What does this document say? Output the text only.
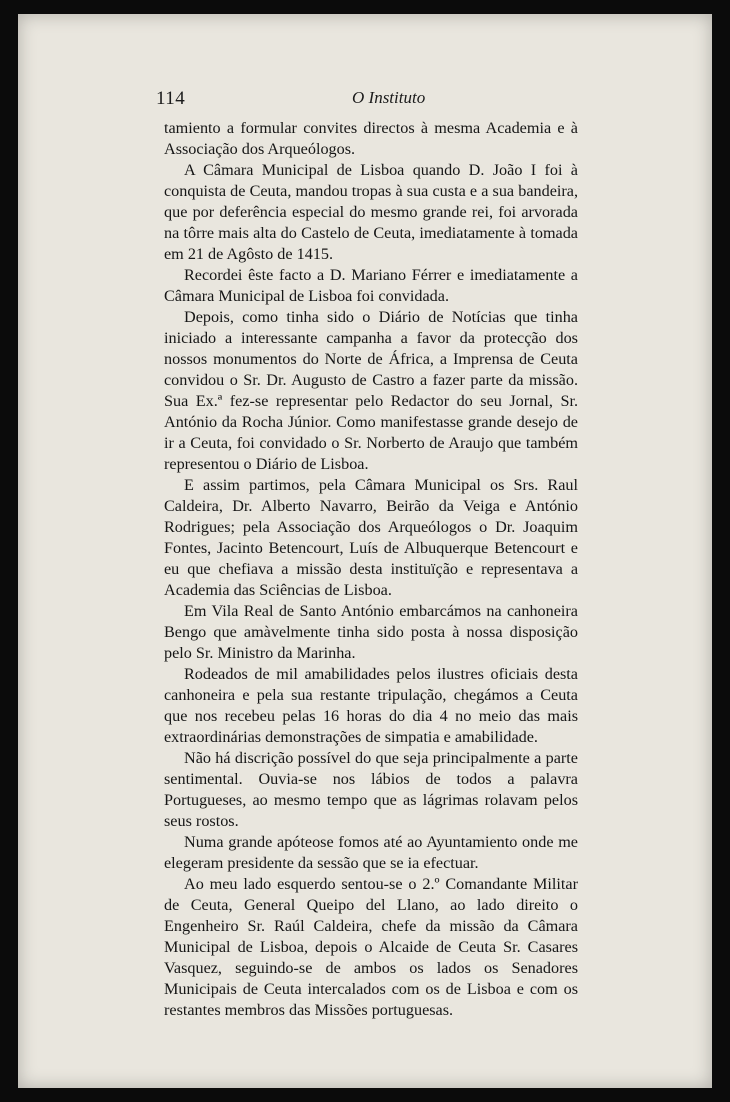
114	O Instituto

tamiento a formular convites directos à mesma Academia e à Associação dos Arqueólogos.

A Câmara Municipal de Lisboa quando D. João I foi à conquista de Ceuta, mandou tropas à sua custa e a sua bandeira, que por deferência especial do mesmo grande rei, foi arvorada na tôrre mais alta do Castelo de Ceuta, imediatamente à tomada em 21 de Agôsto de 1415.

Recordei êste facto a D. Mariano Férrer e imediatamente a Câmara Municipal de Lisboa foi convidada.

Depois, como tinha sido o Diário de Notícias que tinha iniciado a interessante campanha a favor da protecção dos nossos monumentos do Norte de África, a Imprensa de Ceuta convidou o Sr. Dr. Augusto de Castro a fazer parte da missão. Sua Ex.ª fez-se representar pelo Redactor do seu Jornal, Sr. António da Rocha Júnior. Como manifestasse grande desejo de ir a Ceuta, foi convidado o Sr. Norberto de Araujo que também representou o Diário de Lisboa.

E assim partimos, pela Câmara Municipal os Srs. Raul Caldeira, Dr. Alberto Navarro, Beirão da Veiga e António Rodrigues; pela Associação dos Arqueólogos o Dr. Joaquim Fontes, Jacinto Betencourt, Luís de Albuquerque Betencourt e eu que chefiava a missão desta instituïção e representava a Academia das Sciências de Lisboa.

Em Vila Real de Santo António embarcámos na canhoneira Bengo que amàvelmente tinha sido posta à nossa disposição pelo Sr. Ministro da Marinha.

Rodeados de mil amabilidades pelos ilustres oficiais desta canhoneira e pela sua restante tripulação, chegámos a Ceuta que nos recebeu pelas 16 horas do dia 4 no meio das mais extraordinárias demonstrações de simpatia e amabilidade.

Não há discrição possível do que seja principalmente a parte sentimental. Ouvia-se nos lábios de todos a palavra Portugueses, ao mesmo tempo que as lágrimas rolavam pelos seus rostos.

Numa grande apóteose fomos até ao Ayuntamiento onde me elegeram presidente da sessão que se ia efectuar.

Ao meu lado esquerdo sentou-se o 2.º Comandante Militar de Ceuta, General Queipo del Llano, ao lado direito o Engenheiro Sr. Raúl Caldeira, chefe da missão da Câmara Municipal de Lisboa, depois o Alcaide de Ceuta Sr. Casares Vasquez, seguindo-se de ambos os lados os Senadores Municipais de Ceuta intercalados com os de Lisboa e com os restantes membros das Missões portuguesas.
